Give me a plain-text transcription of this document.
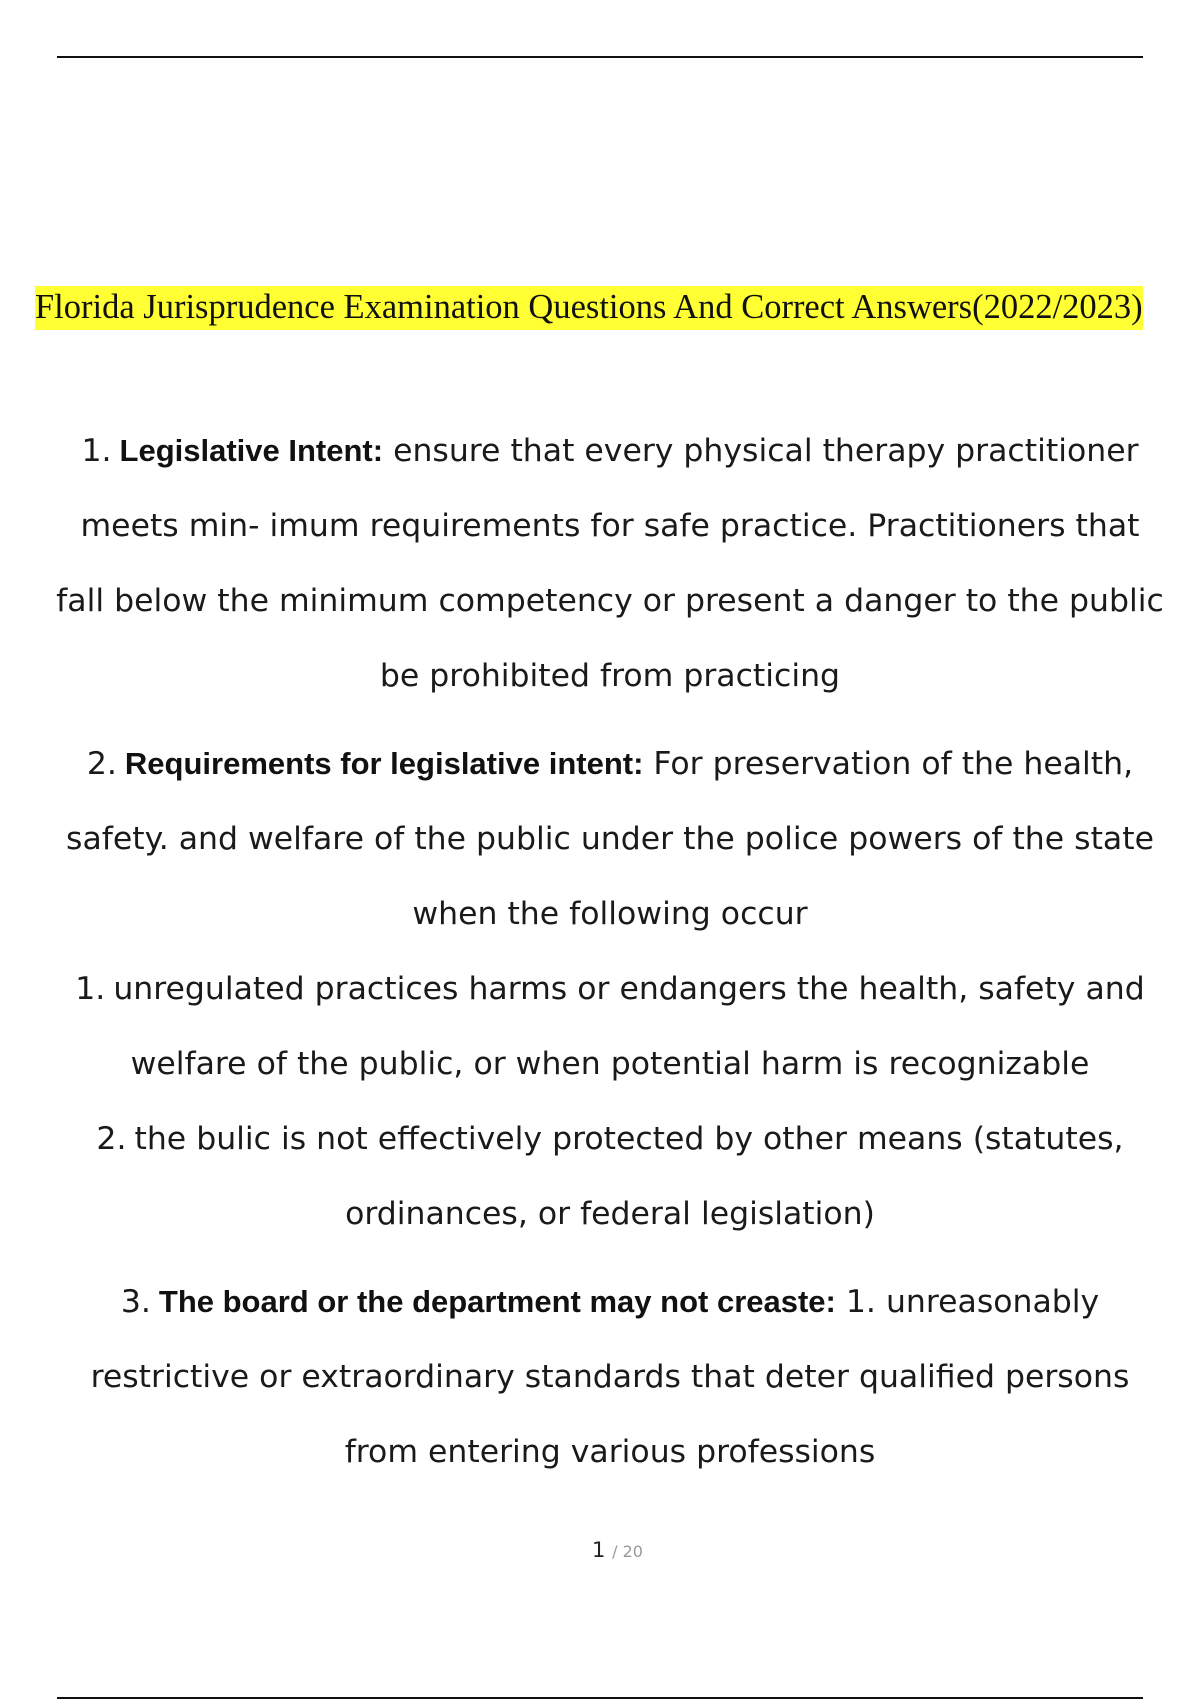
Florida Jurisprudence Examination Questions And Correct Answers(2022/2023)
1. Legislative Intent: ensure that every physical therapy practitioner
meets min- imum requirements for safe practice. Practitioners that
fall below the minimum competency or present a danger to the public
be prohibited from practicing
2. Requirements for legislative intent: For preservation of the health,
safety. and welfare of the public under the police powers of the state
when the following occur
1. unregulated practices harms or endangers the health, safety and
welfare of the public, or when potential harm is recognizable
2. the bulic is not effectively protected by other means (statutes,
ordinances, or federal legislation)
3. The board or the department may not creaste: 1. unreasonably
restrictive or extraordinary standards that deter qualified persons
from entering various professions
1 / 20
